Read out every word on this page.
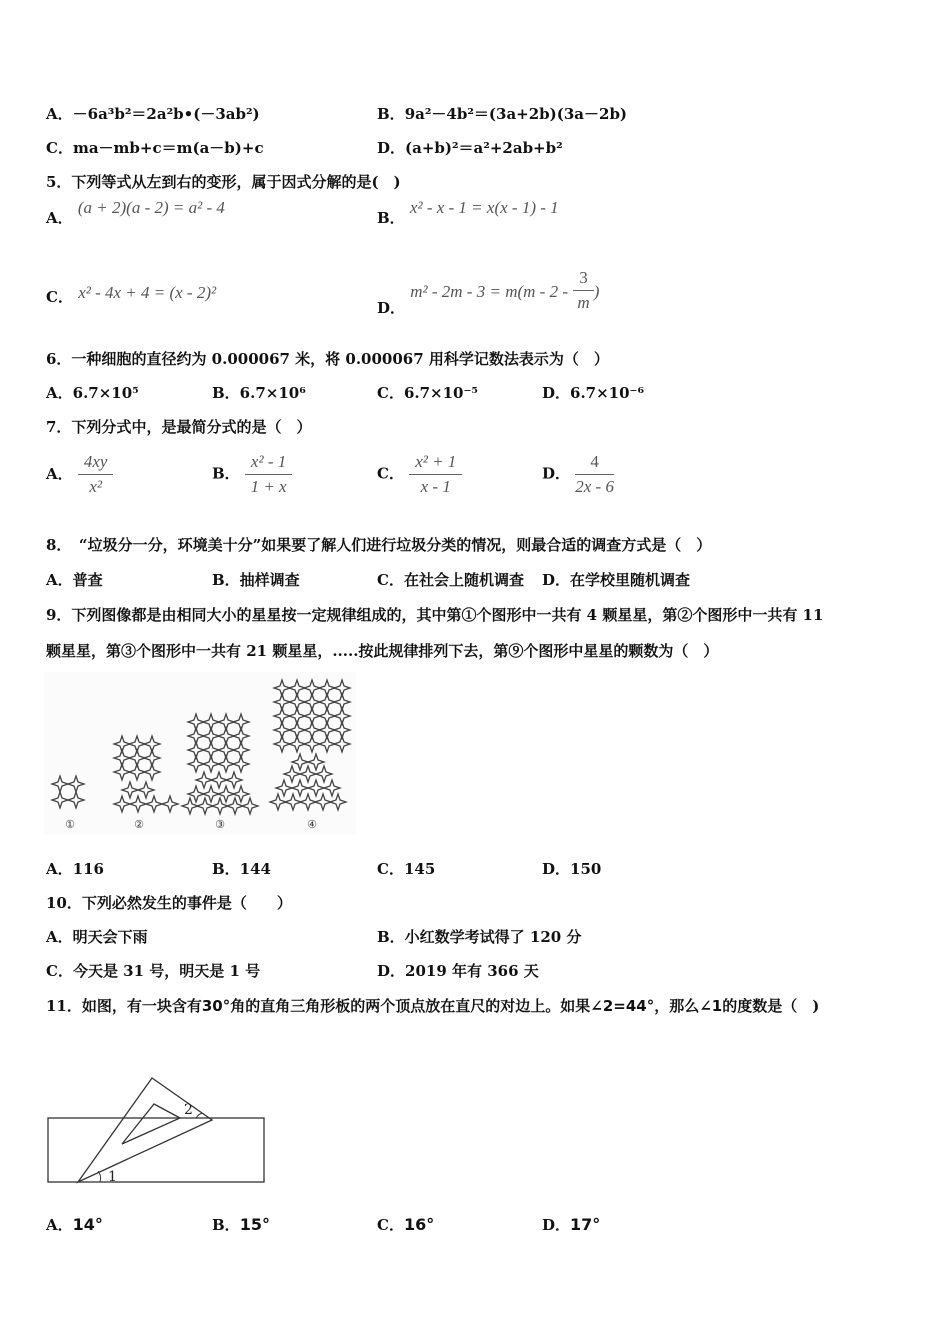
A．－6a³b²＝2a²b•(－3ab²)	B．9a²－4b²＝(3a+2b)(3a－2b)
C．ma－mb+c＝m(a－b)+c	D．(a+b)²＝a²+2ab+b²
5．下列等式从左到右的变形，属于因式分解的是(　)
A． (a + 2)(a - 2) = a² - 4
B． x² - x - 1 = x(x - 1) - 1
C． x² - 4x + 4 = (x - 2)²
D． $m^2 - 2m - 3 = m(m - 2 - \frac{3}{m}$ )
6．一种细胞的直径约为 0.000067 米，将 0.000067 用科学记数法表示为（　）
A．6.7×10⁵	B．6.7×10⁶	C．6.7×10⁻⁵	D．6.7×10⁻⁶
7．下列分式中，是最简分式的是（　）
A． $\frac{4xy}{\text{x²}}$	B． $\frac{\text{x² - 1}}{1 + x}$	C． $\frac{\text{x² + 1}}{x - 1}$	D． $\frac{4}{2x - 6}$
8．　“垃圾分一分，环境美十分”如果要了解人们进行垃圾分类的情况，则最合适的调查方式是（　）
A．普查	B．抽样调查	C．在社会上随机调查 D．在学校里随机调查
9．下列图像都是由相同大小的星星按一定规律组成的，其中第①个图形中一共有 4 颗星星，第②个图形中一共有 11
颗星星，第③个图形中一共有 21 颗星星，.....按此规律排列下去，第⑨个图形中星星的颗数为（　）
①	②	③	④
A．116	B．144	C．145	D．150
10．下列必然发生的事件是（　　）
A．明天会下雨	B．小红数学考试得了 120 分
C．今天是 31 号，明天是 1 号	D．2019 年有 366 天
11．如图，有一块含有30°角的直角三角形板的两个顶点放在直尺的对边上。如果∠2=44°，那么∠1的度数是（　)
2
1
A．14°	B．15°	C．16°	D．17°
